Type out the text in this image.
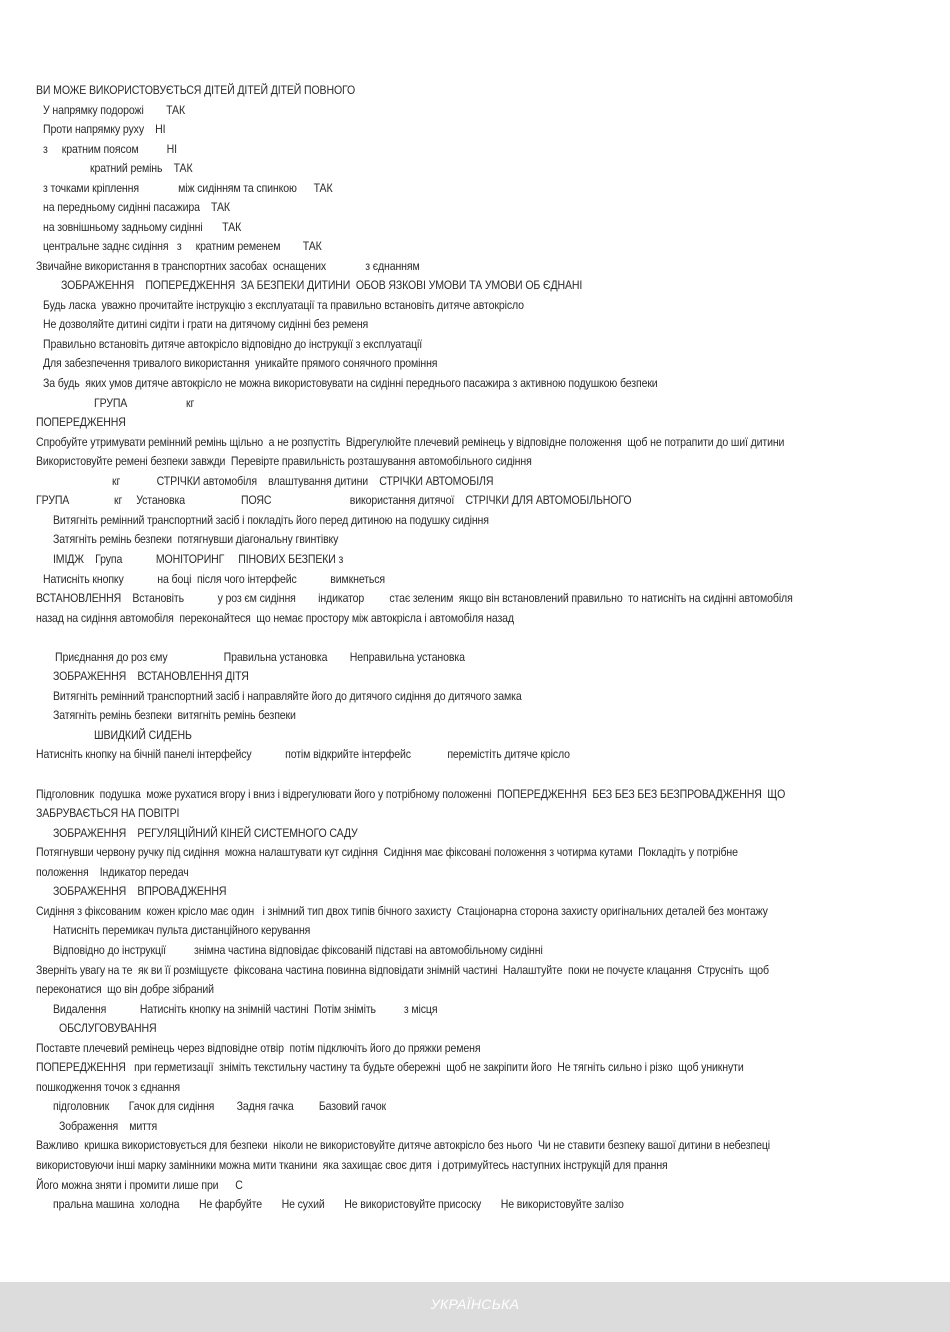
ВИ МОЖЕ ВИКОРИСТОВУЄТЬСЯ ДІТЕЙ ДІТЕЙ ДІТЕЙ ПОВНОГО
У напрямку подорожі        ТАК
Проти напрямку руху    НІ
з     кратним поясом          НІ
кратний ремінь    ТАК
з точками кріплення              між сидінням та спинкою      ТАК
на передньому сидінні пасажира    ТАК
на зовнішньому задньому сидінні       ТАК
центральне заднє сидіння   з     кратним ременем        ТАК
Звичайне використання в транспортних засобах  оснащених              з єднанням
ЗОБРАЖЕННЯ    ПОПЕРЕДЖЕННЯ  ЗА БЕЗПЕКИ ДИТИНИ  ОБОВ ЯЗКОВІ УМОВИ ТА УМОВИ ОБ ЄДНАНІ
Будь ласка  уважно прочитайте інструкцію з експлуатації та правильно встановіть дитяче автокрісло
Не дозволяйте дитині сидіти і грати на дитячому сидінні без ременя
Правильно встановіть дитяче автокрісло відповідно до інструкції з експлуатації
Для забезпечення тривалого використання  уникайте прямого сонячного проміння
За будь  яких умов дитяче автокрісло не можна використовувати на сидінні переднього пасажира з активною подушкою безпеки
ГРУПА                     кг
ПОПЕРЕДЖЕННЯ
Спробуйте утримувати ремінний ремінь щільно  а не розпустіть  Відрегулюйте плечевий ремінець у відповідне положення  щоб не потрапити до шиї дитини
Використовуйте ремені безпеки завжди  Перевірте правильність розташування автомобільного сидіння
кг             СТРІЧКИ автомобіля    влаштування дитини    СТРІЧКИ АВТОМОБІЛЯ
ГРУПА                кг     Установка                    ПОЯС                            використання дитячої    СТРІЧКИ ДЛЯ АВТОМОБІЛЬНОГО
Витягніть ремінний транспортний засіб і покладіть його перед дитиною на подушку сидіння
Затягніть ремінь безпеки  потягнувши діагональну гвинтівку
ІМІДЖ    Група            МОНІТОРИНГ     ПІНОВИХ БЕЗПЕКИ з
Натисніть кнопку            на боці  після чого інтерфейс            вимкнеться
ВСТАНОВЛЕННЯ    Встановіть            у роз єм сидіння        індикатор         стає зеленим  якщо він встановлений правильно  то натисніть на сидінні автомобіля
назад на сидіння автомобіля  переконайтеся  що немає простору між автокрісла і автомобіля назад
Приєднання до роз єму                    Правильна установка        Неправильна установка
ЗОБРАЖЕННЯ    ВСТАНОВЛЕННЯ ДІТЯ
Витягніть ремінний транспортний засіб і направляйте його до дитячого сидіння до дитячого замка
Затягніть ремінь безпеки  витягніть ремінь безпеки
ШВИДКИЙ СИДЕНЬ
Натисніть кнопку на бічній панелі інтерфейсу            потім відкрийте інтерфейс             перемістіть дитяче крісло
Підголовник  подушка  може рухатися вгору і вниз і відрегулювати його у потрібному положенні  ПОПЕРЕДЖЕННЯ  БЕЗ БЕЗ БЕЗ БЕЗПРОВАДЖЕННЯ  ЩО
ЗАБРУВАЄТЬСЯ НА ПОВІТРІ
ЗОБРАЖЕННЯ    РЕГУЛЯЦІЙНИЙ КІНЕЙ СИСТЕМНОГО САДУ
Потягнувши червону ручку під сидіння  можна налаштувати кут сидіння  Сидіння має фіксовані положення з чотирма кутами  Покладіть у потрібне
положення    Індикатор передач
ЗОБРАЖЕННЯ    ВПРОВАДЖЕННЯ
Сидіння з фіксованим  кожен крісло має один   і знімний тип двох типів бічного захисту  Стаціонарна сторона захисту оригінальних деталей без монтажу
Натисніть перемикач пульта дистанційного керування
Відповідно до інструкції          знімна частина відповідає фіксованій підставі на автомобільному сидінні
Зверніть увагу на те  як ви її розміщуєте  фіксована частина повинна відповідати знімній частині  Налаштуйте  поки не почуєте клацання  Струсніть  щоб
переконатися  що він добре зібраний
Видалення            Натисніть кнопку на знімній частині  Потім зніміть          з місця
ОБСЛУГОВУВАННЯ
Поставте плечевий ремінець через відповідне отвір  потім підключіть його до пряжки ременя
ПОПЕРЕДЖЕННЯ   при герметизації  зніміть текстильну частину та будьте обережні  щоб не закріпити його  Не тягніть сильно і різко  щоб уникнути
пошкодження точок з єднання
підголовник       Гачок для сидіння        Задня гачка         Базовий гачок
Зображення    миття
Важливо  кришка використовується для безпеки  ніколи не використовуйте дитяче автокрісло без нього  Чи не ставити безпеку вашої дитини в небезпеці
використовуючи інші марку замінники можна мити тканини  яка захищає своє дитя  і дотримуйтесь наступних інструкцій для прання
Його можна зняти і промити лише при      С
пральна машина  холодна       Не фарбуйте       Не сухий       Не використовуйте присоску       Не використовуйте залізо
УКРАЇНСЬКА
